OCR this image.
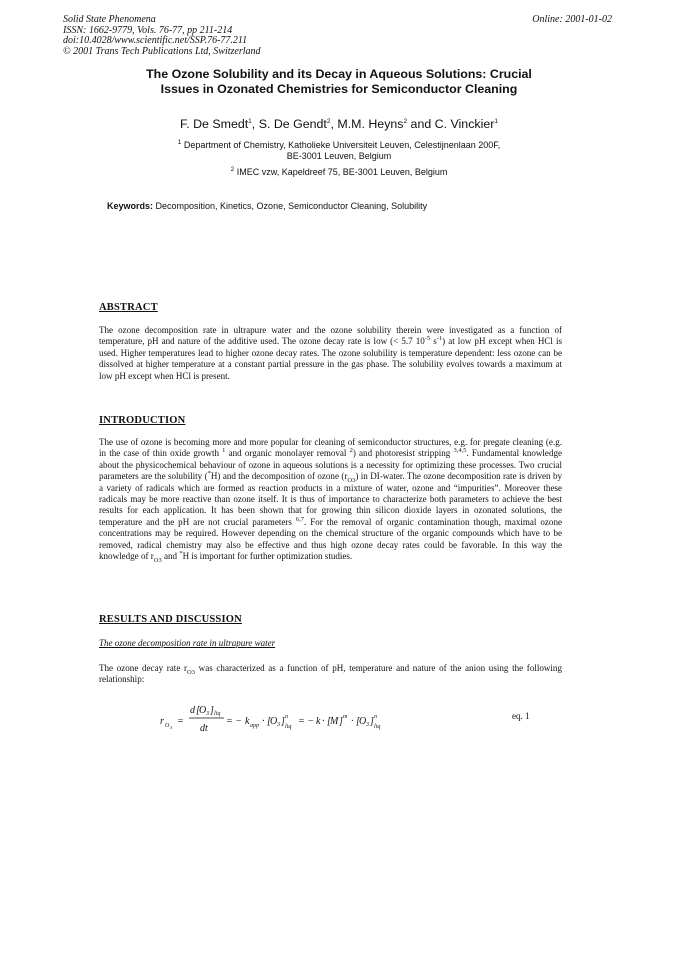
Solid State Phenomena
ISSN: 1662-9779, Vols. 76-77, pp 211-214
doi:10.4028/www.scientific.net/SSP.76-77.211
© 2001 Trans Tech Publications Ltd, Switzerland
Online: 2001-01-02
The Ozone Solubility and its Decay in Aqueous Solutions: Crucial
Issues in Ozonated Chemistries for Semiconductor Cleaning
F. De Smedt$^1$, S. De Gendt$^2$, M.M. Heyns$^2$ and C. Vinckier$^1$
$^1$ Department of Chemistry, Katholieke Universiteit Leuven, Celestijnenlaan 200F,
BE-3001 Leuven, Belgium
$^2$ IMEC vzw, Kapeldreef 75, BE-3001 Leuven, Belgium
Keywords: Decomposition, Kinetics, Ozone, Semiconductor Cleaning, Solubility
ABSTRACT
The ozone decomposition rate in ultrapure water and the ozone solubility therein were investigated as a function of temperature, pH and nature of the additive used. The ozone decay rate is low (< 5.7 $10^{-5}$ $s^{-1}$) at low pH except when HCl is used. Higher temperatures lead to higher ozone decay rates. The ozone solubility is temperature dependent: less ozone can be dissolved at higher temperature at a constant partial pressure in the gas phase. The solubility evolves towards a maximum at low pH except when HCl is present.
INTRODUCTION
The use of ozone is becoming more and more popular for cleaning of semiconductor structures, e.g. for pregate cleaning (e.g. in the case of thin oxide growth $^1$ and organic monolayer removal $^2$) and photoresist stripping $^{3,4,5}$. Fundamental knowledge about the physicochemical behaviour of ozone in aqueous solutions is a necessity for optimizing these processes. Two crucial parameters are the solubility (*H) and the decomposition of ozone $(r_{O3})$ in DI-water. The ozone decomposition rate is driven by a variety of radicals which are formed as reaction products in a mixture of water, ozone and “impurities”. Moreover these radicals may be more reactive than ozone itself. It is thus of importance to characterize both parameters to achieve the best results for each application. It has been shown that for growing thin silicon dioxide layers in ozonated solutions, the temperature and the pH are not crucial parameters $^{6,7}$. For the removal of organic contamination though, maximal ozone concentrations may be required. However depending on the chemical structure of the organic compounds which have to be removed, radical chemistry may also be effective and thus high ozone decay rates could be favorable. In this way the knowledge of $r_{O3}$ and *H is important for further optimization studies.
RESULTS AND DISCUSSION
The ozone decomposition rate in ultrapure water
The ozone decay rate $r_{O3}$ was characterized as a function of pH, temperature and nature of the anion using the following relationship:
r O 3
=
d [ O 3 ] liq
dt
= − k app · [ O 3 ] n
liq = − k · [ M ] m · [ O 3 ] n
liq
eq. 1
